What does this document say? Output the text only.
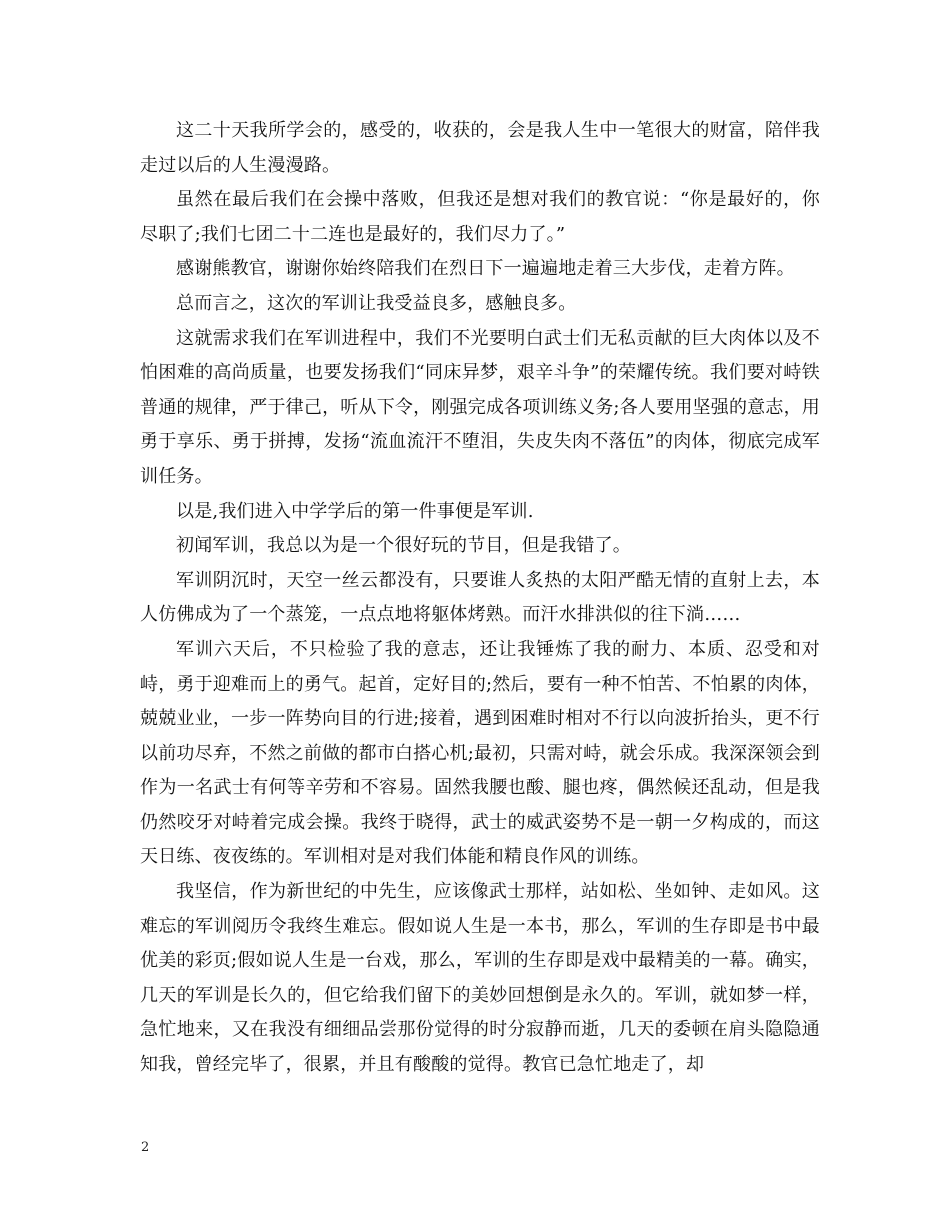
这二十天我所学会的，感受的，收获的，会是我人生中一笔很大的财富，陪伴我走过以后的人生漫漫路。

虽然在最后我们在会操中落败，但我还是想对我们的教官说：“你是最好的，你尽职了;我们七团二十二连也是最好的，我们尽力了。”

感谢熊教官，谢谢你始终陪我们在烈日下一遍遍地走着三大步伐，走着方阵。

总而言之，这次的军训让我受益良多，感触良多。

这就需求我们在军训进程中，我们不光要明白武士们无私贡献的巨大肉体以及不怕困难的高尚质量，也要发扬我们“同床异梦，艰辛斗争”的荣耀传统。我们要对峙铁普通的规律，严于律己，听从下令，刚强完成各项训练义务;各人要用坚强的意志，用勇于享乐、勇于拼搏，发扬“流血流汗不堕泪，失皮失肉不落伍”的肉体，彻底完成军训任务。

以是,我们进入中学学后的第一件事便是军训.

初闻军训，我总以为是一个很好玩的节目，但是我错了。

军训阴沉时，天空一丝云都没有，只要谁人炙热的太阳严酷无情的直射上去，本人仿佛成为了一个蒸笼，一点点地将躯体烤熟。而汗水排洪似的往下淌……

军训六天后，不只检验了我的意志，还让我锤炼了我的耐力、本质、忍受和对峙，勇于迎难而上的勇气。起首，定好目的;然后，要有一种不怕苦、不怕累的肉体，兢兢业业，一步一阵势向目的行进;接着，遇到困难时相对不行以向波折抬头，更不行以前功尽弃，不然之前做的都市白搭心机;最初，只需对峙，就会乐成。我深深领会到作为一名武士有何等辛劳和不容易。固然我腰也酸、腿也疼，偶然候还乱动，但是我仍然咬牙对峙着完成会操。我终于晓得，武士的威武姿势不是一朝一夕构成的，而这天日练、夜夜练的。军训相对是对我们体能和精良作风的训练。

我坚信，作为新世纪的中先生，应该像武士那样，站如松、坐如钟、走如风。这难忘的军训阅历令我终生难忘。假如说人生是一本书，那么，军训的生存即是书中最优美的彩页;假如说人生是一台戏，那么，军训的生存即是戏中最精美的一幕。确实，几天的军训是长久的，但它给我们留下的美妙回想倒是永久的。军训，就如梦一样，急忙地来，又在我没有细细品尝那份觉得的时分寂静而逝，几天的委顿在肩头隐隐通知我，曾经完毕了，很累，并且有酸酸的觉得。教官已急忙地走了，却

2
